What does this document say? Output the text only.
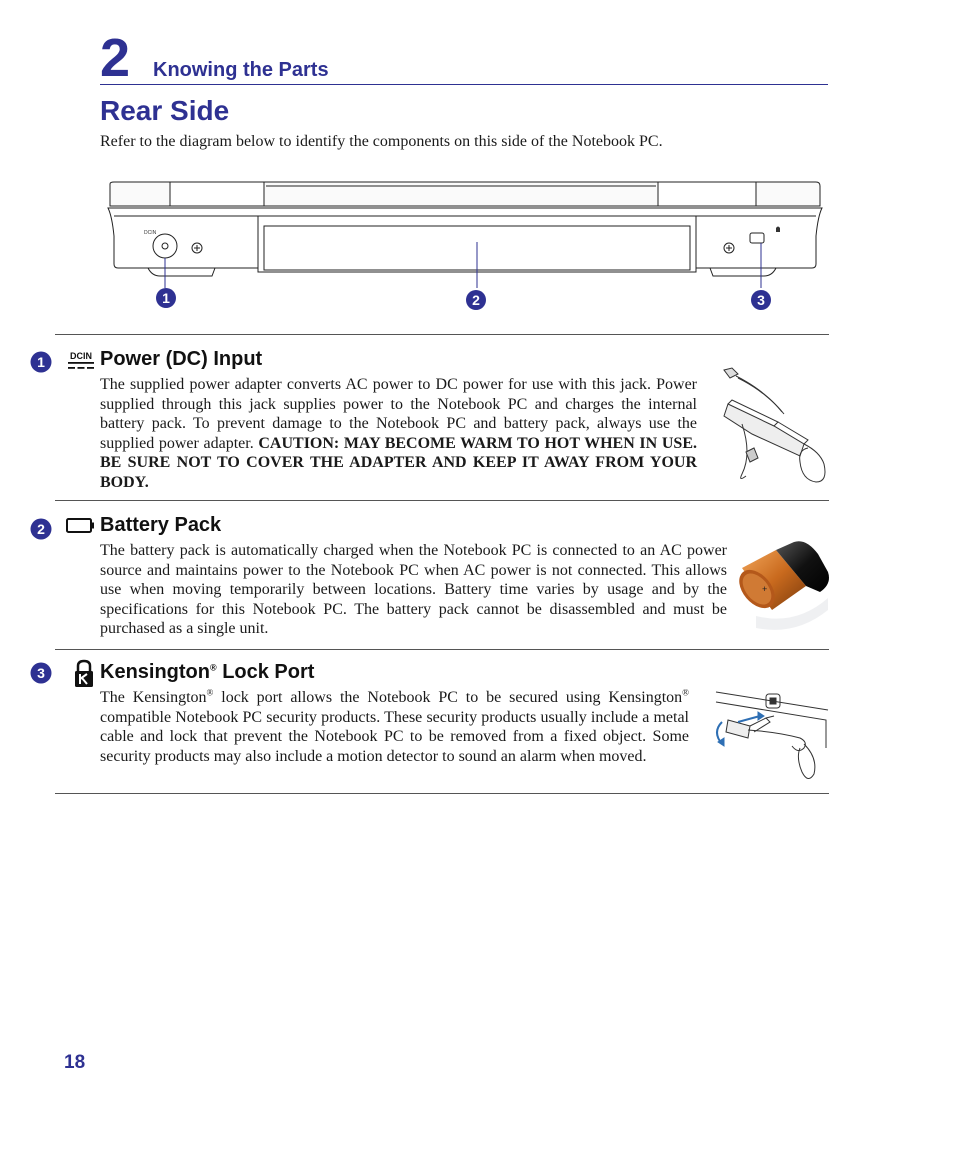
2 Knowing the Parts
Rear Side
Refer to the diagram below to identify the components on this side of the Notebook PC.
DCIN
1	2	3
1	DCIN Power (DC) Input
The supplied power adapter converts AC power to DC power for use with this jack. Power supplied through this jack supplies power to the Notebook PC and charges the internal battery pack. To prevent damage to the Notebook PC and battery pack, always use the supplied power adapter. CAUTION: MAY BECOME WARM TO HOT WHEN IN USE. BE SURE NOT TO COVER THE ADAPTER AND KEEP IT AWAY FROM YOUR BODY.
2	Battery Pack
The battery pack is automatically charged when the Notebook PC is connected to an AC power source and maintains power to the Notebook PC when AC power is not connected. This allows use when moving temporarily between locations. Battery time varies by usage and by the specifications for this Notebook PC. The battery pack cannot be disassembled and must be purchased as a single unit.
+
3	Kensington® Lock Port
The Kensington® lock port allows the Notebook PC to be secured using Kensington® compatible Notebook PC security products. These security products usually include a metal cable and lock that prevent the Notebook PC to be removed from a fixed object. Some security products may also include a motion detector to sound an alarm when moved.
18
